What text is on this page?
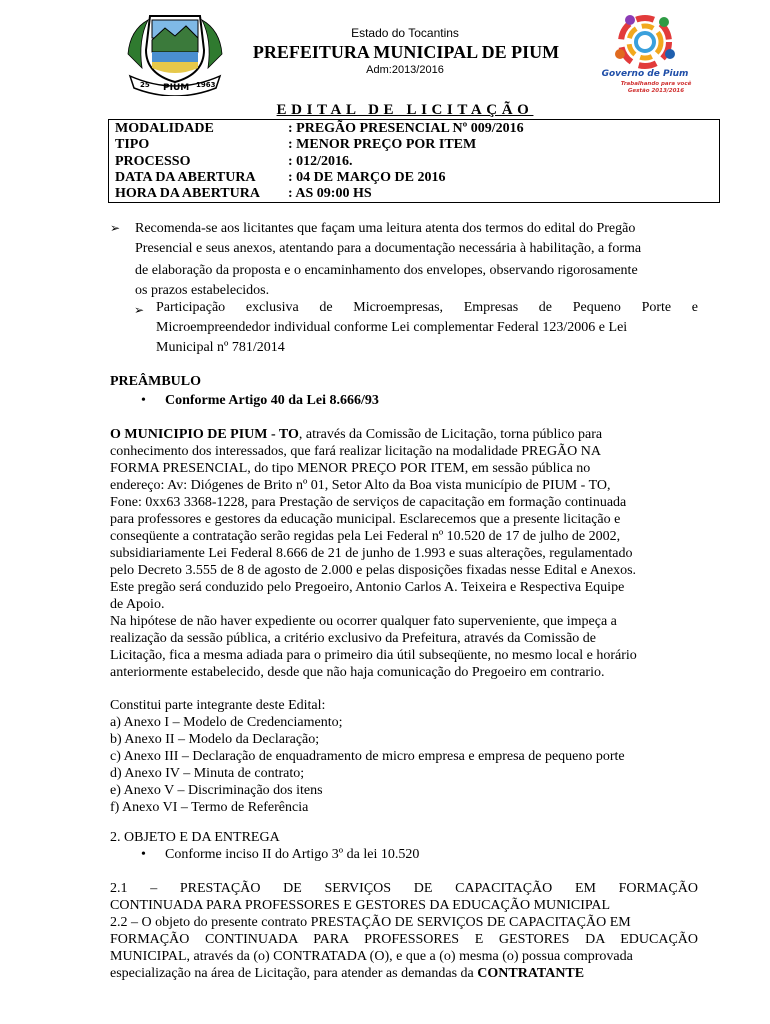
25 PIUM 1963
Estado do Tocantins
PREFEITURA MUNICIPAL DE PIUM
Adm:2013/2016	Governo de Pium
Trabalhando para você
Gestão 2013/2016
EDITAL DE LICITAÇÃO
MODALIDADE	: PREGÃO PRESENCIAL Nº 009/2016
TIPO	: MENOR PREÇO POR ITEM
PROCESSO	: 012/2016.
DATA DA ABERTURA : 04 DE MARÇO DE 2016
HORA DA ABERTURA : AS 09:00 HS
➢ Recomenda-se aos licitantes que façam uma leitura atenta dos termos do edital do Pregão
Presencial e seus anexos, atentando para a documentação necessária à habilitação, a forma
de elaboração da proposta e o encaminhamento dos envelopes, observando rigorosamente
os prazos estabelecidos.
➢ Participação exclusiva de Microempresas, Empresas de Pequeno Porte e
Microempreendedor individual conforme Lei complementar Federal 123/2006 e Lei
Municipal nº 781/2014
PREÂMBULO
• Conforme Artigo 40 da Lei 8.666/93
O MUNICIPIO DE PIUM - TO, através da Comissão de Licitação, torna público para
conhecimento dos interessados, que fará realizar licitação na modalidade PREGÃO NA
FORMA PRESENCIAL, do tipo MENOR PREÇO POR ITEM, em sessão pública no
endereço: Av: Diógenes de Brito nº 01, Setor Alto da Boa vista município de PIUM - TO,
Fone: 0xx63 3368-1228, para Prestação de serviços de capacitação em formação continuada
para professores e gestores da educação municipal. Esclarecemos que a presente licitação e
conseqüente a contratação serão regidas pela Lei Federal nº 10.520 de 17 de julho de 2002,
subsidiariamente Lei Federal 8.666 de 21 de junho de 1.993 e suas alterações, regulamentado
pelo Decreto 3.555 de 8 de agosto de 2.000 e pelas disposições fixadas nesse Edital e Anexos.
Este pregão será conduzido pelo Pregoeiro, Antonio Carlos A. Teixeira e Respectiva Equipe
de Apoio.
Na hipótese de não haver expediente ou ocorrer qualquer fato superveniente, que impeça a
realização da sessão pública, a critério exclusivo da Prefeitura, através da Comissão de
Licitação, fica a mesma adiada para o primeiro dia útil subseqüente, no mesmo local e horário
anteriormente estabelecido, desde que não haja comunicação do Pregoeiro em contrario.
Constitui parte integrante deste Edital:
a) Anexo I – Modelo de Credenciamento;
b) Anexo II – Modelo da Declaração;
c) Anexo III – Declaração de enquadramento de micro empresa e empresa de pequeno porte
d) Anexo IV – Minuta de contrato;
e) Anexo V – Discriminação dos itens
f) Anexo VI – Termo de Referência
2. OBJETO E DA ENTREGA
• Conforme inciso II do Artigo 3º da lei 10.520
2.1 – PRESTAÇÃO DE SERVIÇOS DE CAPACITAÇÃO EM FORMAÇÃO
CONTINUADA PARA PROFESSORES E GESTORES DA EDUCAÇÃO MUNICIPAL
2.2 – O objeto do presente contrato PRESTAÇÃO DE SERVIÇOS DE CAPACITAÇÃO EM
FORMAÇÃO CONTINUADA PARA PROFESSORES E GESTORES DA EDUCAÇÃO
MUNICIPAL, através da (o) CONTRATADA (O), e que a (o) mesma (o) possua comprovada
especialização na área de Licitação, para atender as demandas da CONTRATANTE
